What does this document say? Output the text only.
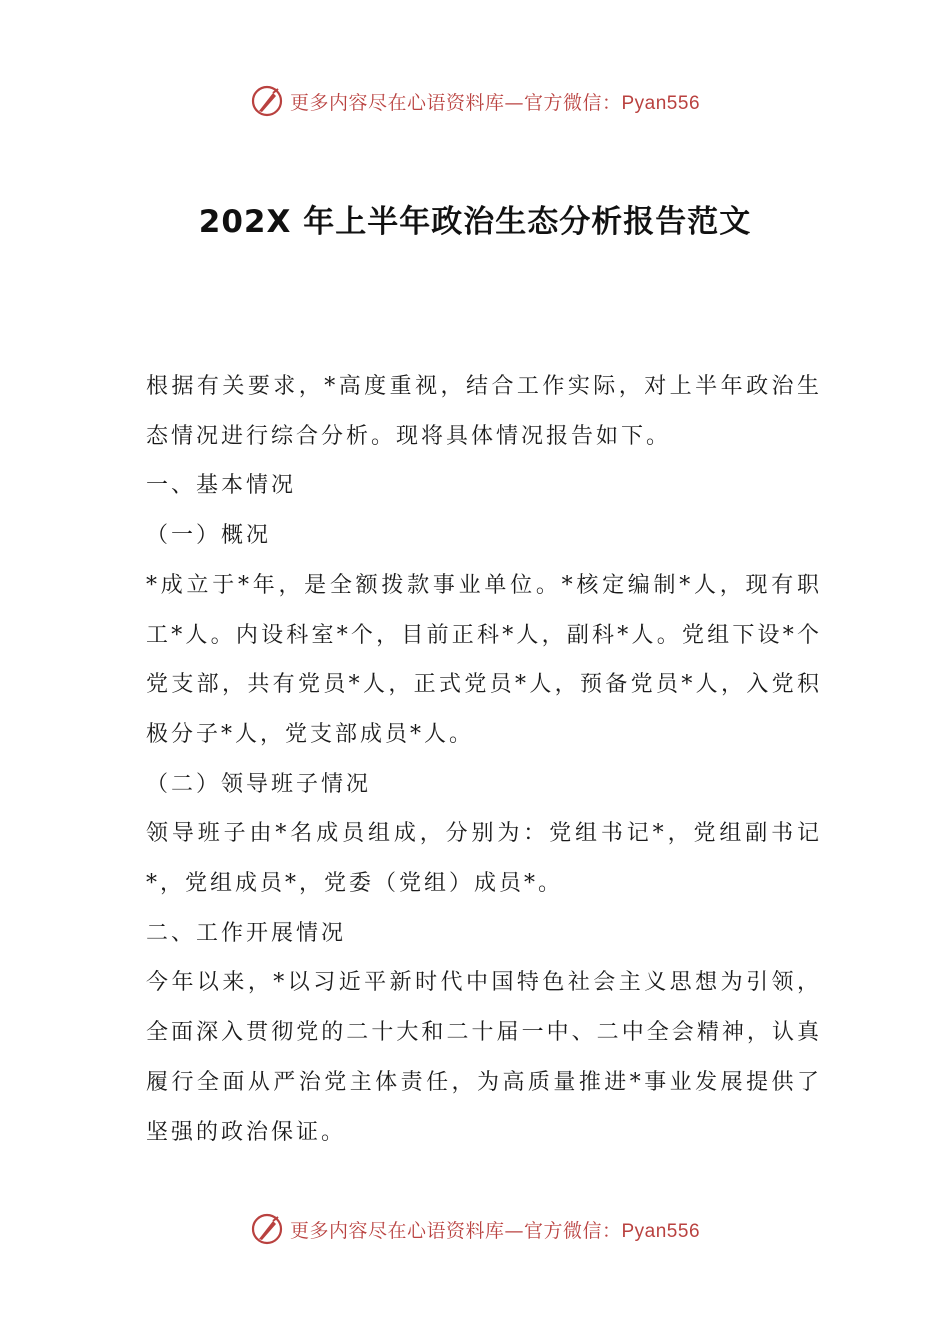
更多内容尽在心语资料库—官方微信：Pyan556
202X 年上半年政治生态分析报告范文

根据有关要求，*高度重视，结合工作实际，对上半年政治生态情况进行综合分析。现将具体情况报告如下。

一、基本情况

（一）概况

*成立于*年，是全额拨款事业单位。*核定编制*人，现有职工*人。内设科室*个，目前正科*人，副科*人。党组下设*个党支部，共有党员*人，正式党员*人，预备党员*人，入党积极分子*人，党支部成员*人。

（二）领导班子情况

领导班子由*名成员组成，分别为：党组书记*，党组副书记*，党组成员*，党委（党组）成员*。

二、工作开展情况

今年以来，*以习近平新时代中国特色社会主义思想为引领，全面深入贯彻党的二十大和二十届一中、二中全会精神，认真履行全面从严治党主体责任，为高质量推进*事业发展提供了坚强的政治保证。

更多内容尽在心语资料库—官方微信：Pyan556
